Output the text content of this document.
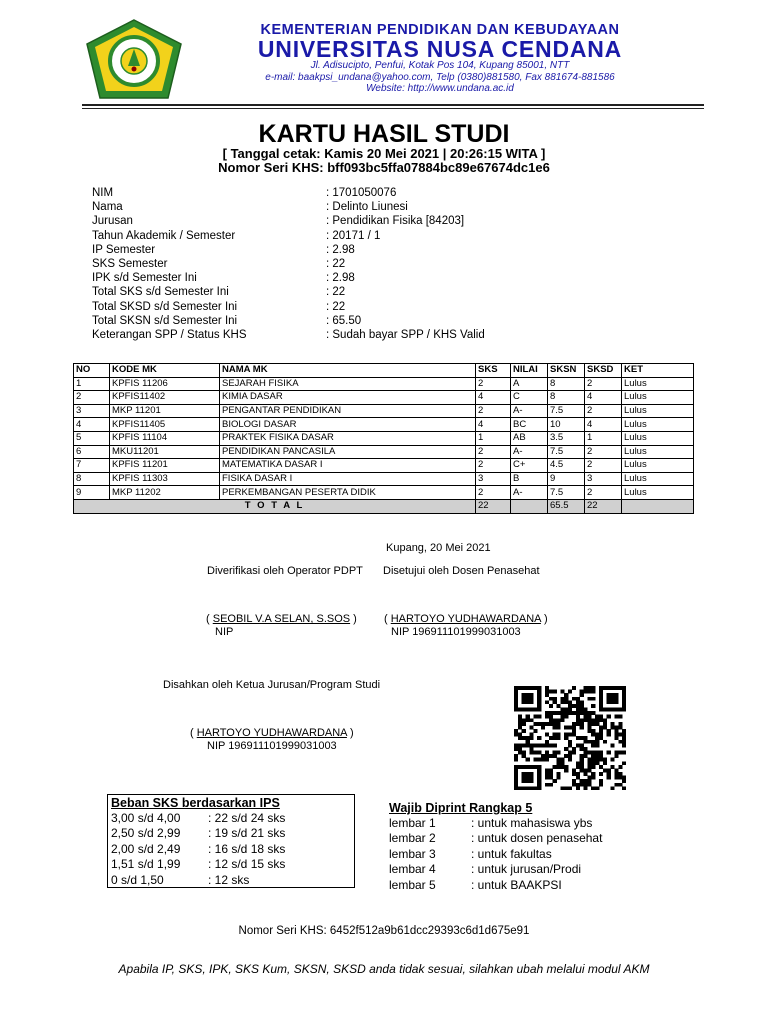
KEMENTERIAN PENDIDIKAN DAN KEBUDAYAAN
UNIVERSITAS NUSA CENDANA
Jl. Adisucipto, Penfui, Kotak Pos 104, Kupang 85001, NTT
e-mail: baakpsi_undana@yahoo.com, Telp (0380)881580, Fax 881674-881586
Website: http://www.undana.ac.id
KARTU HASIL STUDI
[ Tanggal cetak: Kamis 20 Mei 2021 | 20:26:15 WITA ]
Nomor Seri KHS: bff093bc5ffa07884bc89e67674dc1e6
NIM	: 1701050076
Nama	: Delinto Liunesi
Jurusan	: Pendidikan Fisika [84203]
Tahun Akademik / Semester	: 20171 / 1
IP Semester	: 2.98
SKS Semester	: 22
IPK s/d Semester Ini	: 2.98
Total SKS s/d Semester Ini	: 22
Total SKSD s/d Semester Ini	: 22
Total SKSN s/d Semester Ini	: 65.50
Keterangan SPP / Status KHS	: Sudah bayar SPP / KHS Valid
NO	KODE MK	NAMA MK	SKS	NILAI	SKSN	SKSD	KET
1	KPFIS 11206	SEJARAH FISIKA	2	A	8	2	Lulus
2	KPFIS11402	KIMIA DASAR	4	C	8	4	Lulus
3	MKP 11201	PENGANTAR PENDIDIKAN	2	A-	7.5	2	Lulus
4	KPFIS11405	BIOLOGI DASAR	4	BC	10	4	Lulus
5	KPFIS 11104	PRAKTEK FISIKA DASAR	1	AB	3.5	1	Lulus
6	MKU11201	PENDIDIKAN PANCASILA	2	A-	7.5	2	Lulus
7	KPFIS 11201	MATEMATIKA DASAR I	2	C+	4.5	2	Lulus
8	KPFIS 11303	FISIKA DASAR I	3	B	9	3	Lulus
9	MKP 11202	PERKEMBANGAN PESERTA DIDIK	2	A-	7.5	2	Lulus
T O T A L			22		65.5	22	
Kupang, 20 Mei 2021
Diverifikasi oleh Operator PDPT Disetujui oleh Dosen Penasehat
( SEOBIL V.A SELAN, S.SOS )
NIP
( HARTOYO YUDHAWARDANA )
NIP 196911101999031003
Disahkan oleh Ketua Jurusan/Program Studi
( HARTOYO YUDHAWARDANA )
NIP 196911101999031003
Beban SKS berdasarkan IPS
3,00 s/d 4,00 : 22 s/d 24 sks
2,50 s/d 2,99 : 19 s/d 21 sks
2,00 s/d 2,49 : 16 s/d 18 sks
1,51 s/d 1,99 : 12 s/d 15 sks
0 s/d 1,50	: 12 sks
Wajib Diprint Rangkap 5
lembar 1	: untuk mahasiswa ybs
lembar 2	: untuk dosen penasehat
lembar 3	: untuk fakultas
lembar 4	: untuk jurusan/Prodi
lembar 5	: untuk BAAKPSI
Nomor Seri KHS: 6452f512a9b61dcc29393c6d1d675e91
Apabila IP, SKS, IPK, SKS Kum, SKSN, SKSD anda tidak sesuai, silahkan ubah melalui modul AKM
